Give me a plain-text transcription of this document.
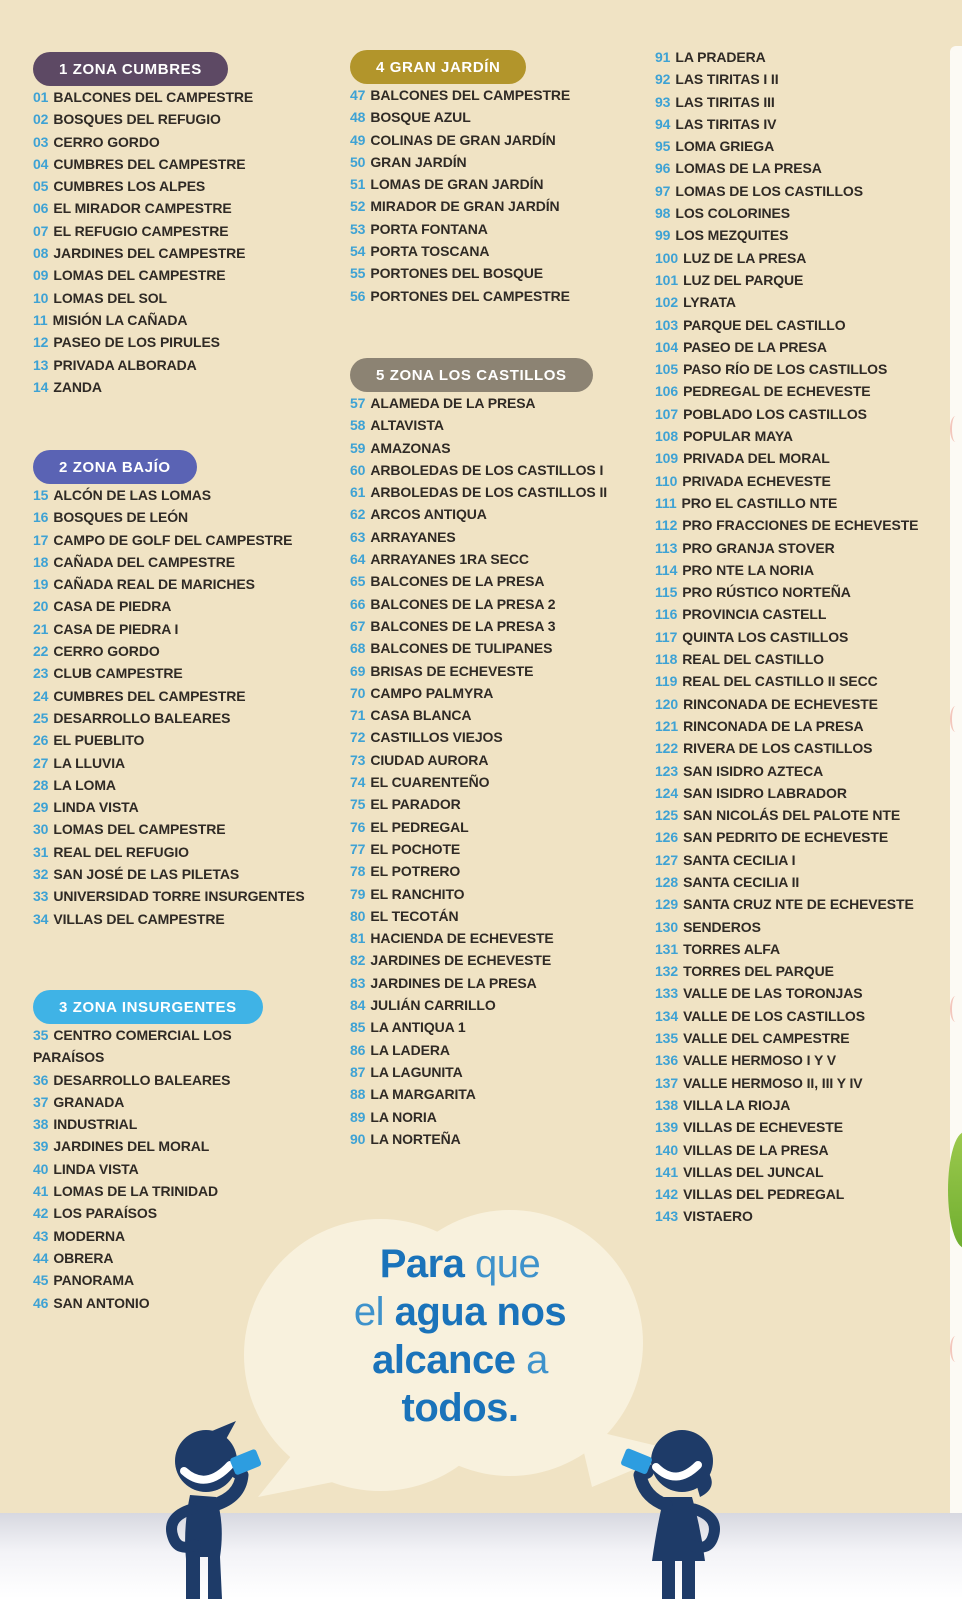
1 ZONA CUMBRES
01 BALCONES DEL CAMPESTRE
02 BOSQUES DEL REFUGIO
03 CERRO GORDO
04 CUMBRES DEL CAMPESTRE
05 CUMBRES LOS ALPES
06 EL MIRADOR CAMPESTRE
07 EL REFUGIO CAMPESTRE
08 JARDINES DEL CAMPESTRE
09 LOMAS DEL CAMPESTRE
10 LOMAS DEL SOL
11 MISIÓN LA CAÑADA
12 PASEO DE LOS PIRULES
13 PRIVADA ALBORADA
14 ZANDA
2 ZONA BAJÍO
15 ALCÓN DE LAS LOMAS
16 BOSQUES DE LEÓN
17 CAMPO DE GOLF DEL CAMPESTRE
18 CAÑADA DEL CAMPESTRE
19 CAÑADA REAL DE MARICHES
20 CASA DE PIEDRA
21 CASA DE PIEDRA I
22 CERRO GORDO
23 CLUB CAMPESTRE
24 CUMBRES DEL CAMPESTRE
25 DESARROLLO BALEARES
26 EL PUEBLITO
27 LA LLUVIA
28 LA LOMA
29 LINDA VISTA
30 LOMAS DEL CAMPESTRE
31 REAL DEL REFUGIO
32 SAN JOSÉ DE LAS PILETAS
33 UNIVERSIDAD TORRE INSURGENTES
34 VILLAS DEL CAMPESTRE
3 ZONA INSURGENTES
35 CENTRO COMERCIAL LOS PARAÍSOS
36 DESARROLLO BALEARES
37 GRANADA
38 INDUSTRIAL
39 JARDINES DEL MORAL
40 LINDA VISTA
41 LOMAS DE LA TRINIDAD
42 LOS PARAÍSOS
43 MODERNA
44 OBRERA
45 PANORAMA
46 SAN ANTONIO
4 GRAN JARDÍN
47 BALCONES DEL CAMPESTRE
48 BOSQUE AZUL
49 COLINAS DE GRAN JARDÍN
50 GRAN JARDÍN
51 LOMAS DE GRAN JARDÍN
52 MIRADOR DE GRAN JARDÍN
53 PORTA FONTANA
54 PORTA TOSCANA
55 PORTONES DEL BOSQUE
56 PORTONES DEL CAMPESTRE
5 ZONA LOS CASTILLOS
57 ALAMEDA DE LA PRESA
58 ALTAVISTA
59 AMAZONAS
60 ARBOLEDAS DE LOS CASTILLOS I
61 ARBOLEDAS DE LOS CASTILLOS II
62 ARCOS ANTIQUA
63 ARRAYANES
64 ARRAYANES 1RA SECC
65 BALCONES DE LA PRESA
66 BALCONES DE LA PRESA 2
67 BALCONES DE LA PRESA 3
68 BALCONES DE TULIPANES
69 BRISAS DE ECHEVESTE
70 CAMPO PALMYRA
71 CASA BLANCA
72 CASTILLOS VIEJOS
73 CIUDAD AURORA
74 EL CUARENTEÑO
75 EL PARADOR
76 EL PEDREGAL
77 EL POCHOTE
78 EL POTRERO
79 EL RANCHITO
80 EL TECOTÁN
81 HACIENDA DE ECHEVESTE
82 JARDINES DE ECHEVESTE
83 JARDINES DE LA PRESA
84 JULIÁN CARRILLO
85 LA ANTIQUA 1
86 LA LADERA
87 LA LAGUNITA
88 LA MARGARITA
89 LA NORIA
90 LA NORTEÑA
91 LA PRADERA
92 LAS TIRITAS I II
93 LAS TIRITAS III
94 LAS TIRITAS IV
95 LOMA GRIEGA
96 LOMAS DE LA PRESA
97 LOMAS DE LOS CASTILLOS
98 LOS COLORINES
99 LOS MEZQUITES
100 LUZ DE LA PRESA
101 LUZ DEL PARQUE
102 LYRATA
103 PARQUE DEL CASTILLO
104 PASEO DE LA PRESA
105 PASO RÍO DE LOS CASTILLOS
106 PEDREGAL DE ECHEVESTE
107 POBLADO LOS CASTILLOS
108 POPULAR MAYA
109 PRIVADA DEL MORAL
110 PRIVADA ECHEVESTE
111 PRO EL CASTILLO NTE
112 PRO FRACCIONES DE ECHEVESTE
113 PRO GRANJA STOVER
114 PRO NTE LA NORIA
115 PRO RÚSTICO NORTEÑA
116 PROVINCIA CASTELL
117 QUINTA LOS CASTILLOS
118 REAL DEL CASTILLO
119 REAL DEL CASTILLO II SECC
120 RINCONADA DE ECHEVESTE
121 RINCONADA DE LA PRESA
122 RIVERA DE LOS CASTILLOS
123 SAN ISIDRO AZTECA
124 SAN ISIDRO LABRADOR
125 SAN NICOLÁS DEL PALOTE NTE
126 SAN PEDRITO DE ECHEVESTE
127 SANTA CECILIA I
128 SANTA CECILIA II
129 SANTA CRUZ NTE DE ECHEVESTE
130 SENDEROS
131 TORRES ALFA
132 TORRES DEL PARQUE
133 VALLE DE LAS TORONJAS
134 VALLE DE LOS CASTILLOS
135 VALLE DEL CAMPESTRE
136 VALLE HERMOSO I Y V
137 VALLE HERMOSO II, III Y IV
138 VILLA LA RIOJA
139 VILLAS DE ECHEVESTE
140 VILLAS DE LA PRESA
141 VILLAS DEL JUNCAL
142 VILLAS DEL PEDREGAL
143 VISTAERO
Para que
el agua nos
alcance a
todos.
